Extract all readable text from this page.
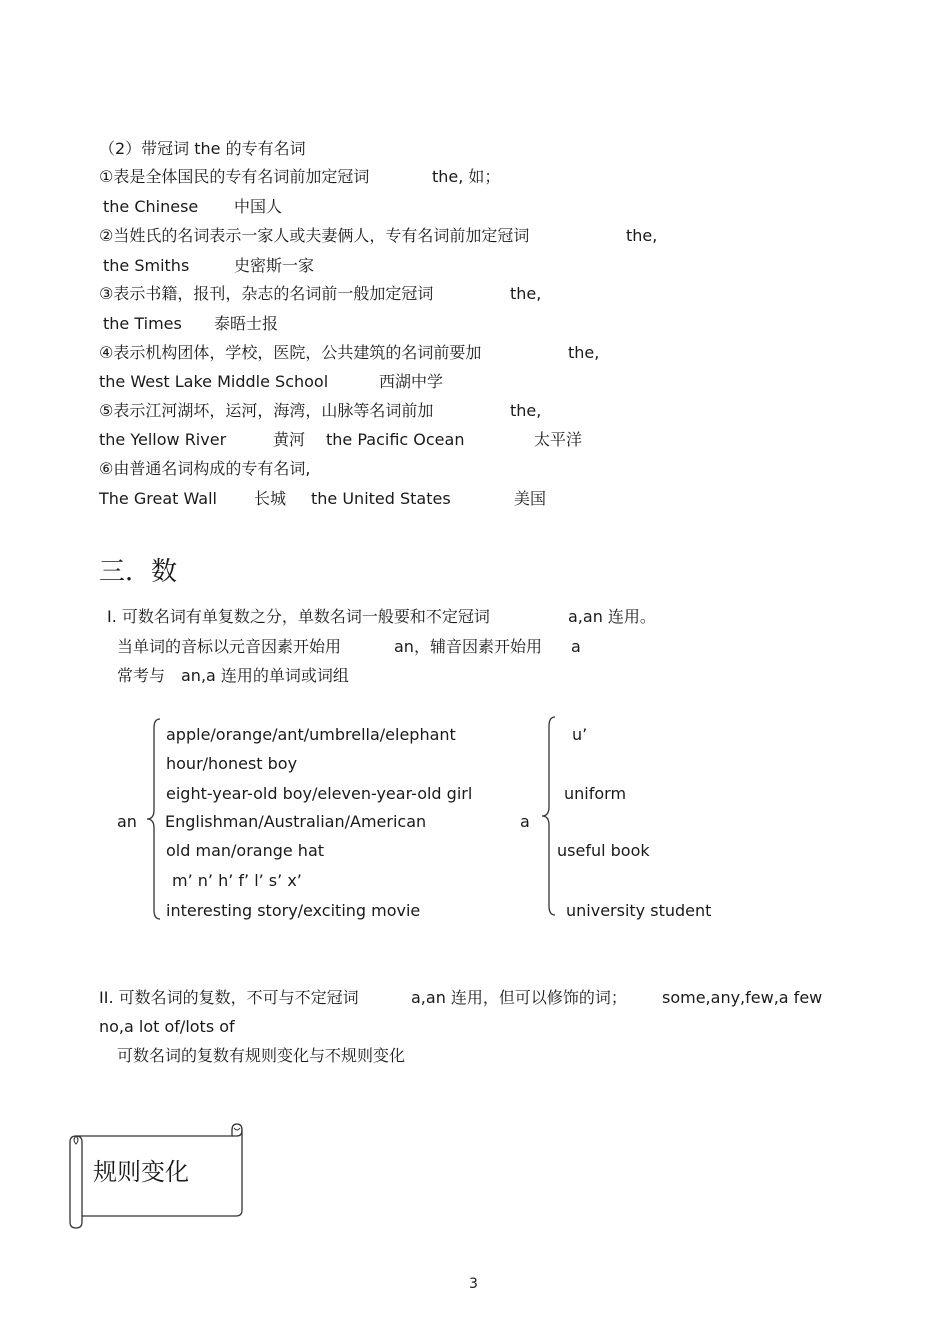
（2）带冠词 the 的专有名词
①表是全体国民的专有名词前加定冠词	the, 如；
the Chinese 中国人
②当姓氏的名词表示一家人或夫妻俩人，专有名词前加定冠词	the,
the Smiths	史密斯一家
③表示书籍，报刊，杂志的名词前一般加定冠词	the,
the Times 泰晤士报
④表示机构团体，学校，医院，公共建筑的名词前要加	the,
the West Lake Middle School	西湖中学
⑤表示江河湖坏，运河，海湾，山脉等名词前加	the,
the Yellow River	黄河 the Pacific Ocean	太平洋
⑥由普通名词构成的专有名词,
The Great Wall 长城 the United States	美国
三．数
I. 可数名词有单复数之分，单数名词一般要和不定冠词	a,an 连用。
当单词的音标以元音因素开始用	an，辅音因素开始用 a
常考与 an,a 连用的单词或词组
an
apple/orange/ant/umbrella/elephant
hour/honest boy
eight-year-old boy/eleven-year-old girl
Englishman/Australian/American
old man/orange hat
m’ n’ h’ f’ l’ s’ x’
interesting story/exciting movie
a
u’
uniform
useful book
university student
II. 可数名词的复数，不可与不定冠词	a,an 连用，但可以修饰的词； some,any,few,a few
no,a lot of/lots of
可数名词的复数有规则变化与不规则变化
规则变化
3
